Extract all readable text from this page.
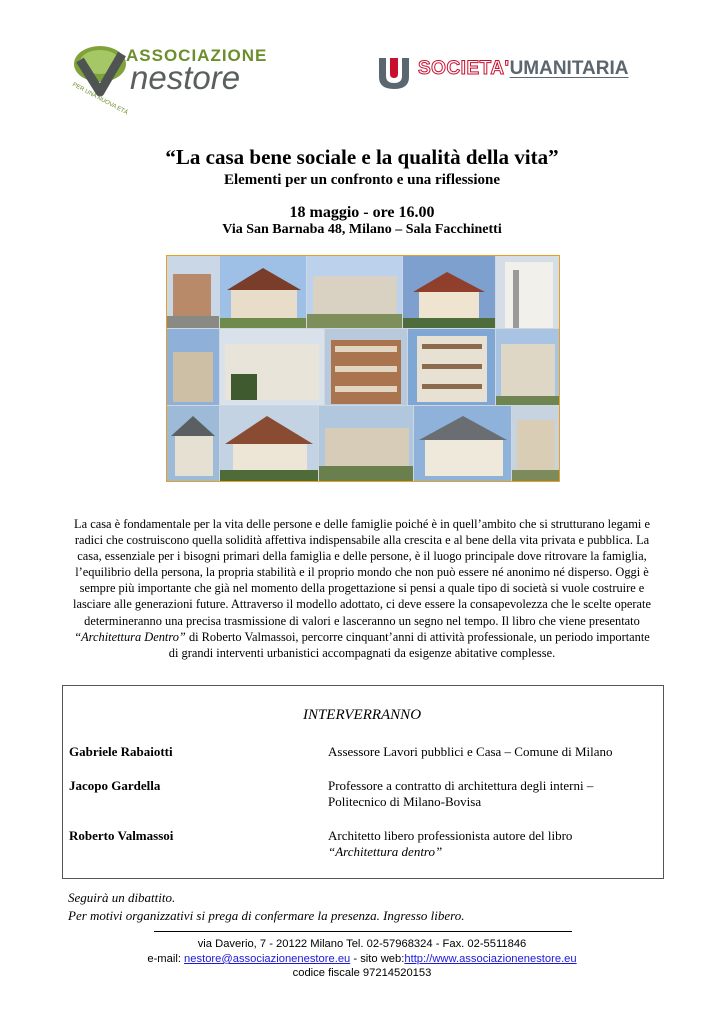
ASSOCIAZIONE
nestore
PER UNA NUOVA ETÀ
SOCIETA'UMANITARIA
“La casa bene sociale e la qualità della vita”
Elementi per un confronto e una riflessione
18 maggio - ore 16.00
Via San Barnaba 48, Milano – Sala Facchinetti
La casa è fondamentale per la vita delle persone e delle famiglie poiché è in quell’ambito che si strutturano legami e radici che costruiscono quella solidità affettiva indispensabile alla crescita e al bene della vita privata e pubblica. La casa, essenziale per i bisogni primari della famiglia e delle persone, è il luogo principale dove ritrovare la famiglia, l’equilibrio della persona, la propria stabilità e il proprio mondo che non può essere né anonimo né disperso. Oggi è sempre più importante che già nel momento della progettazione si pensi a quale tipo di società si vuole costruire e lasciare alle generazioni future. Attraverso il modello adottato, ci deve essere la consapevolezza che le scelte operate determineranno una precisa trasmissione di valori e lasceranno un segno nel tempo. Il libro che viene presentato “Architettura Dentro” di Roberto Valmassoi, percorre cinquant’anni di attività professionale, un periodo importante di grandi interventi urbanistici accompagnati da esigenze abitative complesse.
INTERVERRANNO
Gabriele Rabaiotti	Assessore Lavori pubblici e Casa – Comune di Milano
Jacopo Gardella	Professore a contratto di architettura degli interni –
Politecnico di Milano-Bovisa
Roberto Valmassoi	Architetto libero professionista autore del libro
“Architettura dentro”
Seguirà un dibattito.
Per motivi organizzativi si prega di confermare la presenza. Ingresso libero.
via Daverio, 7 - 20122 Milano Tel. 02-57968324 - Fax. 02-5511846
e-mail: nestore@associazionenestore.eu - sito web:http://www.associazionenestore.eu
codice fiscale 97214520153
